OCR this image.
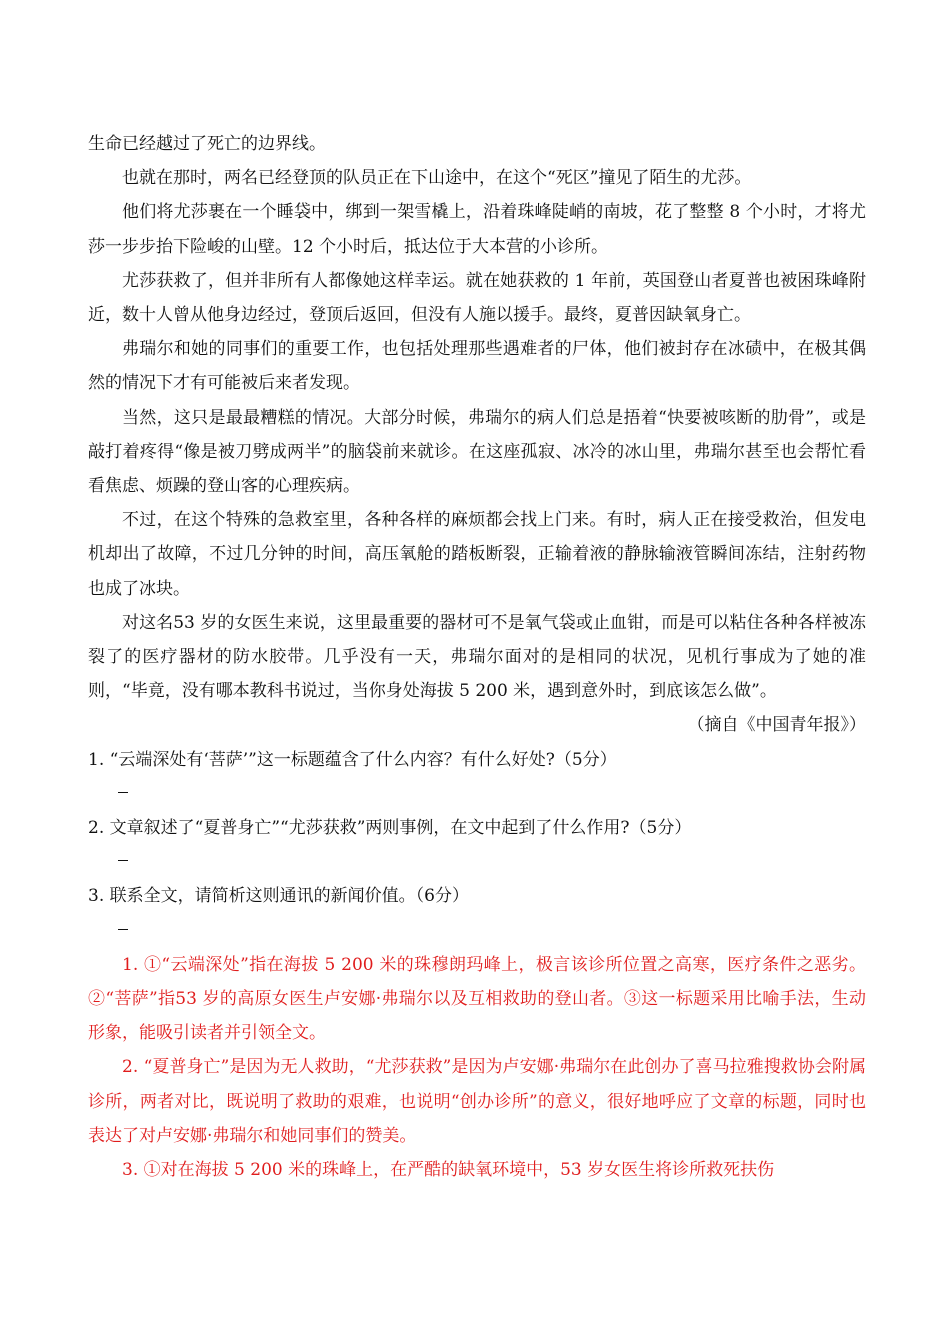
生命已经越过了死亡的边界线。

也就在那时，两名已经登顶的队员正在下山途中，在这个“死区”撞见了陌生的尤莎。

他们将尤莎裹在一个睡袋中，绑到一架雪橇上，沿着珠峰陡峭的南坡，花了整整 8 个小时，才将尤莎一步步抬下险峻的山壁。12 个小时后，抵达位于大本营的小诊所。

尤莎获救了，但并非所有人都像她这样幸运。就在她获救的 1 年前，英国登山者夏普也被困珠峰附近，数十人曾从他身边经过，登顶后返回，但没有人施以援手。最终，夏普因缺氧身亡。

弗瑞尔和她的同事们的重要工作，也包括处理那些遇难者的尸体，他们被封存在冰碛中，在极其偶然的情况下才有可能被后来者发现。

当然，这只是最最糟糕的情况。大部分时候，弗瑞尔的病人们总是捂着“快要被咳断的肋骨”，或是敲打着疼得“像是被刀劈成两半”的脑袋前来就诊。在这座孤寂、冰冷的冰山里，弗瑞尔甚至也会帮忙看看焦虑、烦躁的登山客的心理疾病。

不过，在这个特殊的急救室里，各种各样的麻烦都会找上门来。有时，病人正在接受救治，但发电机却出了故障，不过几分钟的时间，高压氧舱的踏板断裂，正输着液的静脉输液管瞬间冻结，注射药物也成了冰块。

对这名53 岁的女医生来说，这里最重要的器材可不是氧气袋或止血钳，而是可以粘住各种各样被冻裂了的医疗器材的防水胶带。几乎没有一天，弗瑞尔面对的是相同的状况，见机行事成为了她的准则，“毕竟，没有哪本教科书说过，当你身处海拔 5 200 米，遇到意外时，到底该怎么做”。

（摘自《中国青年报》）

1. “云端深处有‘菩萨’”这一标题蕴含了什么内容？有什么好处?（5分）

2. 文章叙述了“夏普身亡”“尤莎获救”两则事例，在文中起到了什么作用?（5分）

3. 联系全文，请简析这则通讯的新闻价值。（6分）

1. ①“云端深处”指在海拔 5 200 米的珠穆朗玛峰上，极言该诊所位置之高寒，医疗条件之恶劣。②“菩萨”指53 岁的高原女医生卢安娜·弗瑞尔以及互相救助的登山者。③这一标题采用比喻手法，生动形象，能吸引读者并引领全文。

2. “夏普身亡”是因为无人救助，“尤莎获救”是因为卢安娜·弗瑞尔在此创办了喜马拉雅搜救协会附属诊所，两者对比，既说明了救助的艰难，也说明“创办诊所”的意义，很好地呼应了文章的标题，同时也表达了对卢安娜·弗瑞尔和她同事们的赞美。

3. ①对在海拔 5 200 米的珠峰上，在严酷的缺氧环境中，53 岁女医生将诊所救死扶伤
